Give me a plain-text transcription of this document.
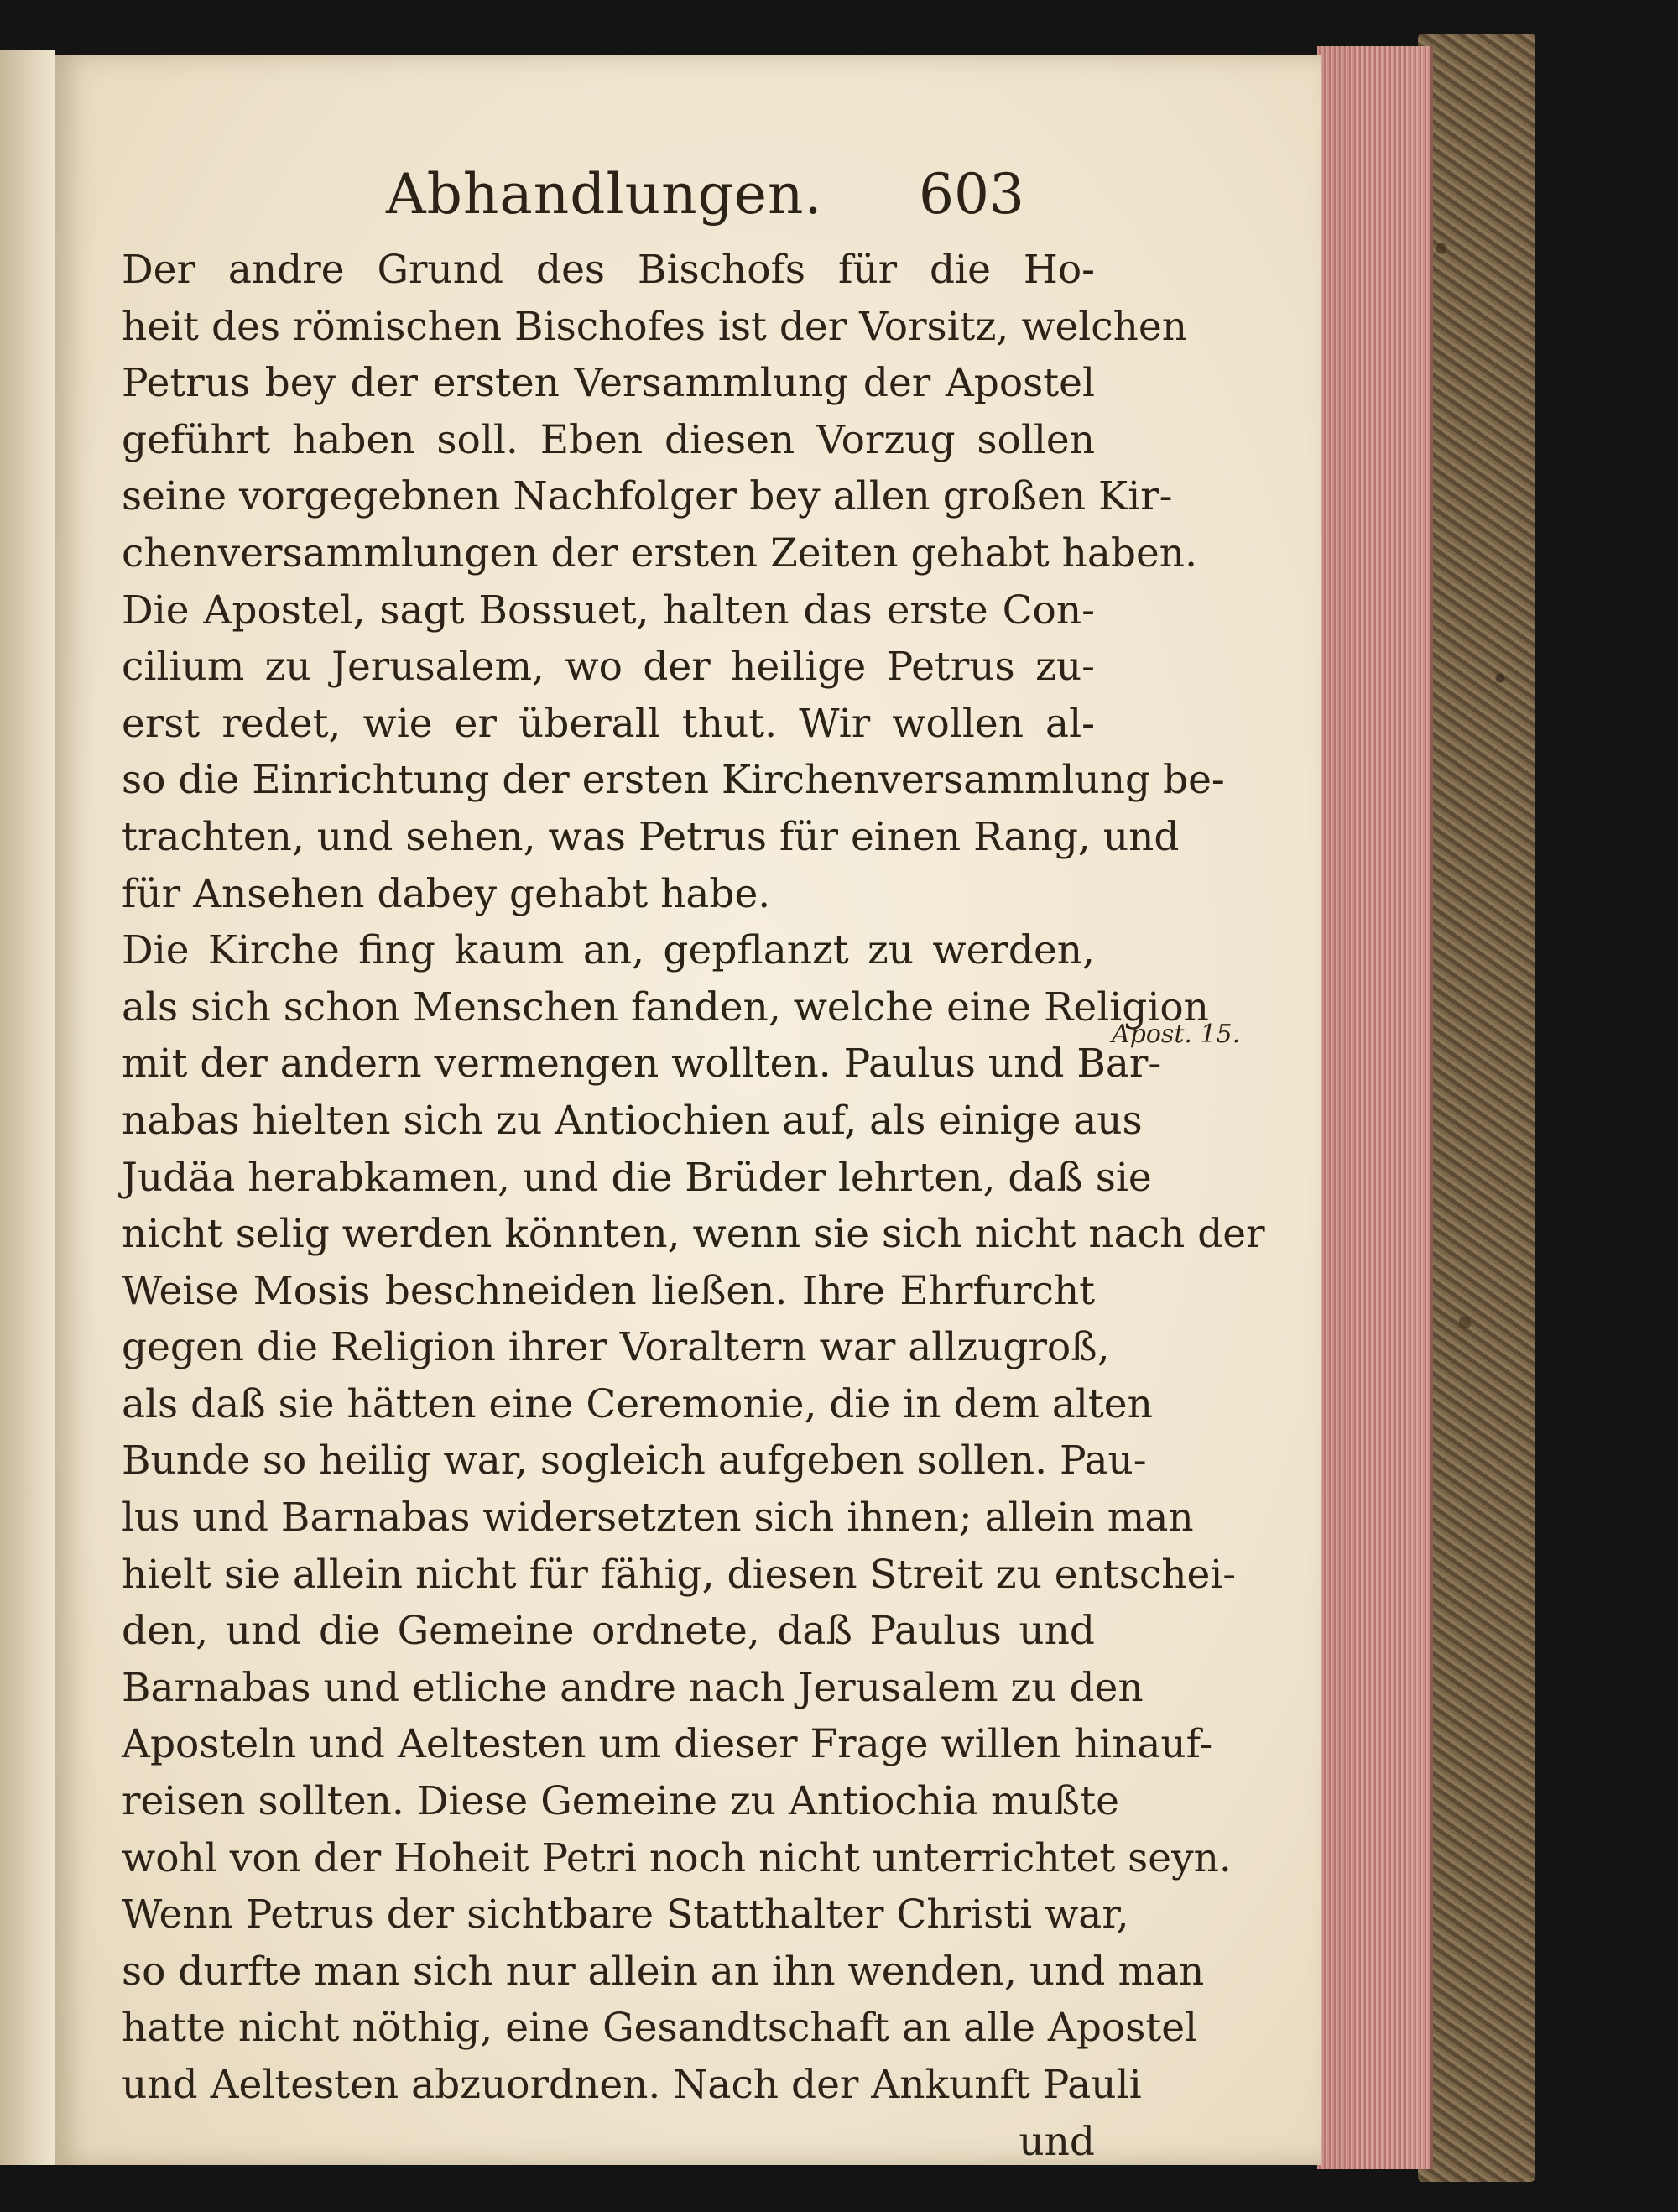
Abhandlungen. 603
Der andre Grund des Bischofs für die Ho-
heit des römischen Bischofes ist der Vorsitz, welchen
Petrus bey der ersten Versammlung der Apostel
geführt haben soll. Eben diesen Vorzug sollen
seine vorgegebnen Nachfolger bey allen großen Kir-
chenversammlungen der ersten Zeiten gehabt haben.
Die Apostel, sagt Bossuet, halten das erste Con-
cilium zu Jerusalem, wo der heilige Petrus zu-
erst redet, wie er überall thut. Wir wollen al-
so die Einrichtung der ersten Kirchenversammlung be-
trachten, und sehen, was Petrus für einen Rang, und
für Ansehen dabey gehabt habe.
Die Kirche fing kaum an, gepflanzt zu werden,
als sich schon Menschen fanden, welche eine Religion
mit der andern vermengen wollten. Paulus und Bar-
nabas hielten sich zu Antiochien auf, als einige aus
Judäa herabkamen, und die Brüder lehrten, daß sie
nicht selig werden könnten, wenn sie sich nicht nach der
Weise Mosis beschneiden ließen. Ihre Ehrfurcht
gegen die Religion ihrer Voraltern war allzugroß,
als daß sie hätten eine Ceremonie, die in dem alten
Bunde so heilig war, sogleich aufgeben sollen. Pau-
lus und Barnabas widersetzten sich ihnen; allein man
hielt sie allein nicht für fähig, diesen Streit zu entschei-
den, und die Gemeine ordnete, daß Paulus und
Barnabas und etliche andre nach Jerusalem zu den
Aposteln und Aeltesten um dieser Frage willen hinauf-
reisen sollten. Diese Gemeine zu Antiochia mußte
wohl von der Hoheit Petri noch nicht unterrichtet seyn.
Wenn Petrus der sichtbare Statthalter Christi war,
so durfte man sich nur allein an ihn wenden, und man
hatte nicht nöthig, eine Gesandtschaft an alle Apostel
und Aeltesten abzuordnen. Nach der Ankunft Pauli
und
Apost. 15.
